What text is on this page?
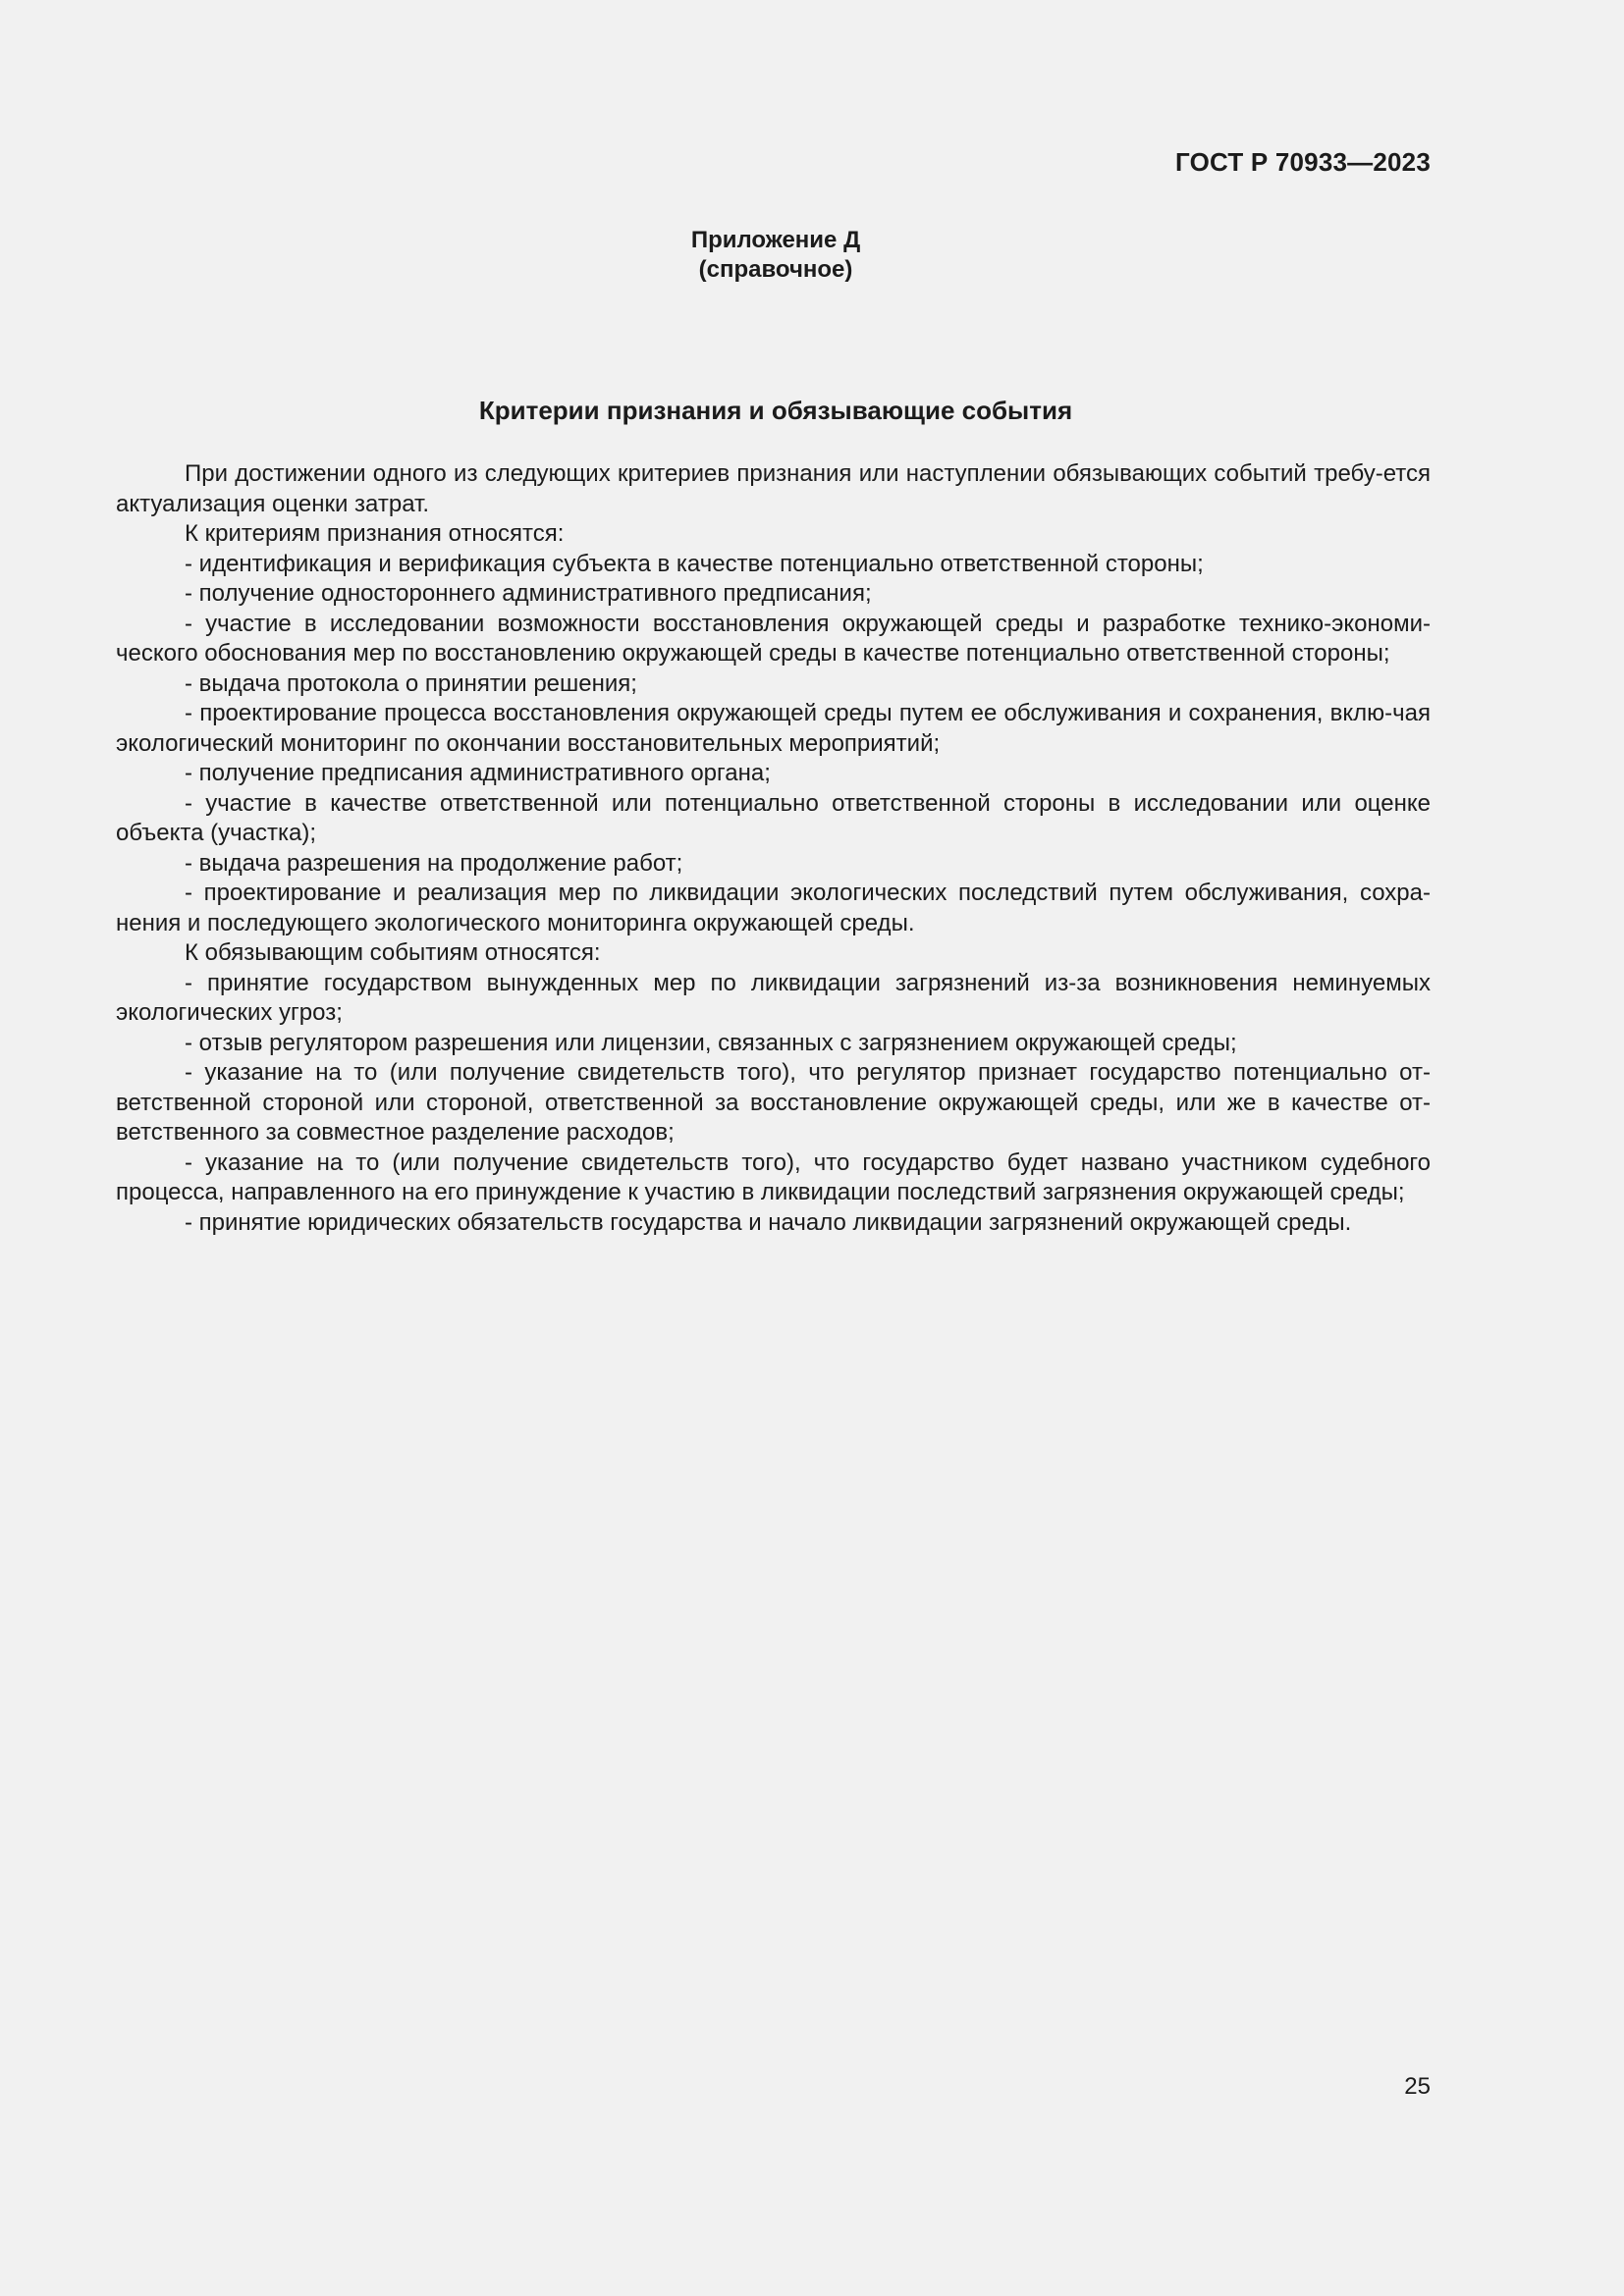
ГОСТ Р 70933—2023

Приложение Д
(справочное)
Критерии признания и обязывающие события

При достижении одного из следующих критериев признания или наступлении обязывающих событий требу-ется актуализация оценки затрат.

К критериям признания относятся:

- идентификация и верификация субъекта в качестве потенциально ответственной стороны;

- получение одностороннего административного предписания;

- участие в исследовании возможности восстановления окружающей среды и разработке технико-экономи-ческого обоснования мер по восстановлению окружающей среды в качестве потенциально ответственной стороны;

- выдача протокола о принятии решения;

- проектирование процесса восстановления окружающей среды путем ее обслуживания и сохранения, вклю-чая экологический мониторинг по окончании восстановительных мероприятий;

- получение предписания административного органа;

- участие в качестве ответственной или потенциально ответственной стороны в исследовании или оценке объекта (участка);

- выдача разрешения на продолжение работ;

- проектирование и реализация мер по ликвидации экологических последствий путем обслуживания, сохра-нения и последующего экологического мониторинга окружающей среды.

К обязывающим событиям относятся:

- принятие государством вынужденных мер по ликвидации загрязнений из-за возникновения неминуемых экологических угроз;

- отзыв регулятором разрешения или лицензии, связанных с загрязнением окружающей среды;

- указание на то (или получение свидетельств того), что регулятор признает государство потенциально от-ветственной стороной или стороной, ответственной за восстановление окружающей среды, или же в качестве от-ветственного за совместное разделение расходов;

- указание на то (или получение свидетельств того), что государство будет названо участником судебного процесса, направленного на его принуждение к участию в ликвидации последствий загрязнения окружающей среды;

- принятие юридических обязательств государства и начало ликвидации загрязнений окружающей среды.

25
